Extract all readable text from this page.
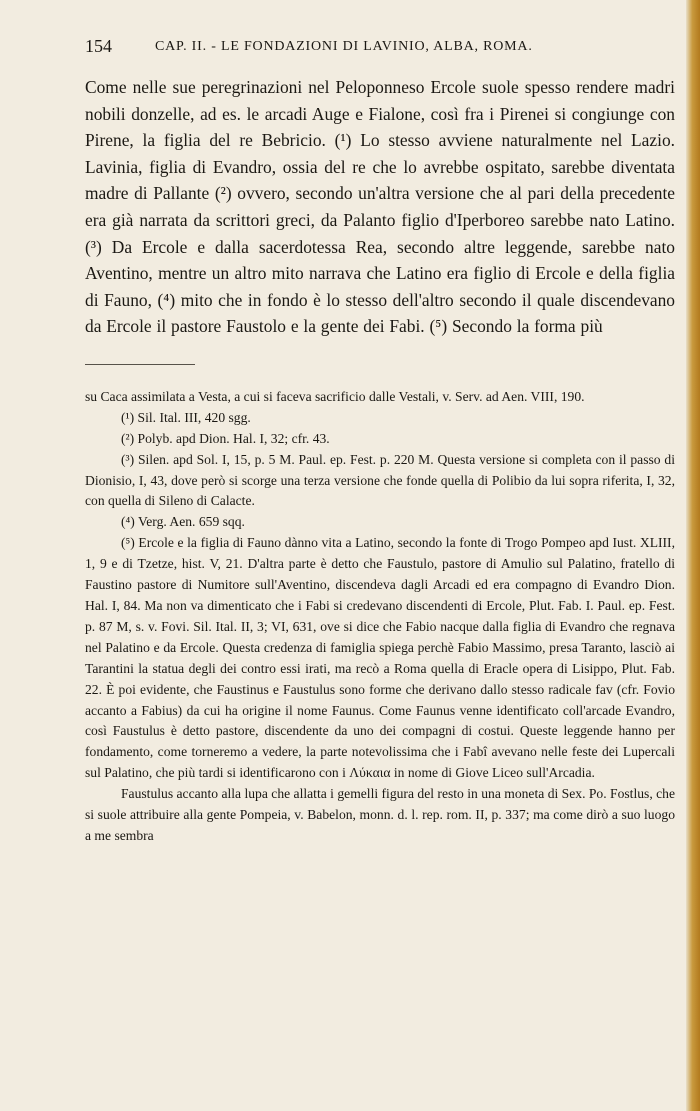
154	CAP. II. - LE FONDAZIONI DI LAVINIO, ALBA, ROMA.

Come nelle sue peregrinazioni nel Peloponneso Ercole suole spesso rendere madri nobili donzelle, ad es. le arcadi Auge e Fialone, così fra i Pirenei si congiunge con Pirene, la figlia del re Bebricio. (¹) Lo stesso avviene naturalmente nel Lazio. Lavinia, figlia di Evandro, ossia del re che lo avrebbe ospitato, sarebbe diventata madre di Pallante (²) ovvero, secondo un'altra versione che al pari della precedente era già narrata da scrittori greci, da Palanto figlio d'Iperboreo sarebbe nato Latino. (³) Da Ercole e dalla sacerdotessa Rea, secondo altre leggende, sarebbe nato Aventino, mentre un altro mito narrava che Latino era figlio di Ercole e della figlia di Fauno, (⁴) mito che in fondo è lo stesso dell'altro secondo il quale discendevano da Ercole il pastore Faustolo e la gente dei Fabi. (⁵) Secondo la forma più

su Caca assimilata a Vesta, a cui si faceva sacrificio dalle Vestali, v. Serv. ad Aen. VIII, 190.

(¹) Sil. Ital. III, 420 sgg.

(²) Polyb. apd Dion. Hal. I, 32; cfr. 43.

(³) Silen. apd Sol. I, 15, p. 5 M. Paul. ep. Fest. p. 220 M. Questa versione si completa con il passo di Dionisio, I, 43, dove però si scorge una terza versione che fonde quella di Polibio da lui sopra riferita, I, 32, con quella di Sileno di Calacte.

(⁴) Verg. Aen. 659 sqq.

(⁵) Ercole e la figlia di Fauno dànno vita a Latino, secondo la fonte di Trogo Pompeo apd Iust. XLIII, 1, 9 e di Tzetze, hist. V, 21. D'altra parte è detto che Faustulo, pastore di Amulio sul Palatino, fratello di Faustino pastore di Numitore sull'Aventino, discendeva dagli Arcadi ed era compagno di Evandro Dion. Hal. I, 84. Ma non va dimenticato che i Fabi si credevano discendenti di Ercole, Plut. Fab. I. Paul. ep. Fest. p. 87 M, s. v. Fovi. Sil. Ital. II, 3; VI, 631, ove si dice che Fabio nacque dalla figlia di Evandro che regnava nel Palatino e da Ercole. Questa credenza di famiglia spiega perchè Fabio Massimo, presa Taranto, lasciò ai Tarantini la statua degli dei contro essi irati, ma recò a Roma quella di Eracle opera di Lisippo, Plut. Fab. 22. È poi evidente, che Faustinus e Faustulus sono forme che derivano dallo stesso radicale fav (cfr. Fovio accanto a Fabius) da cui ha origine il nome Faunus. Come Faunus venne identificato coll'arcade Evandro, così Faustulus è detto pastore, discendente da uno dei compagni di costui. Queste leggende hanno per fondamento, come torneremo a vedere, la parte notevolissima che i Fabî avevano nelle feste dei Lupercali sul Palatino, che più tardi si identificarono con i Λύκαια in nome di Giove Liceo sull'Arcadia.

Faustulus accanto alla lupa che allatta i gemelli figura del resto in una moneta di Sex. Po. Fostlus, che si suole attribuire alla gente Pompeia, v. Babelon, monn. d. l. rep. rom. II, p. 337; ma come dirò a suo luogo a me sembra
